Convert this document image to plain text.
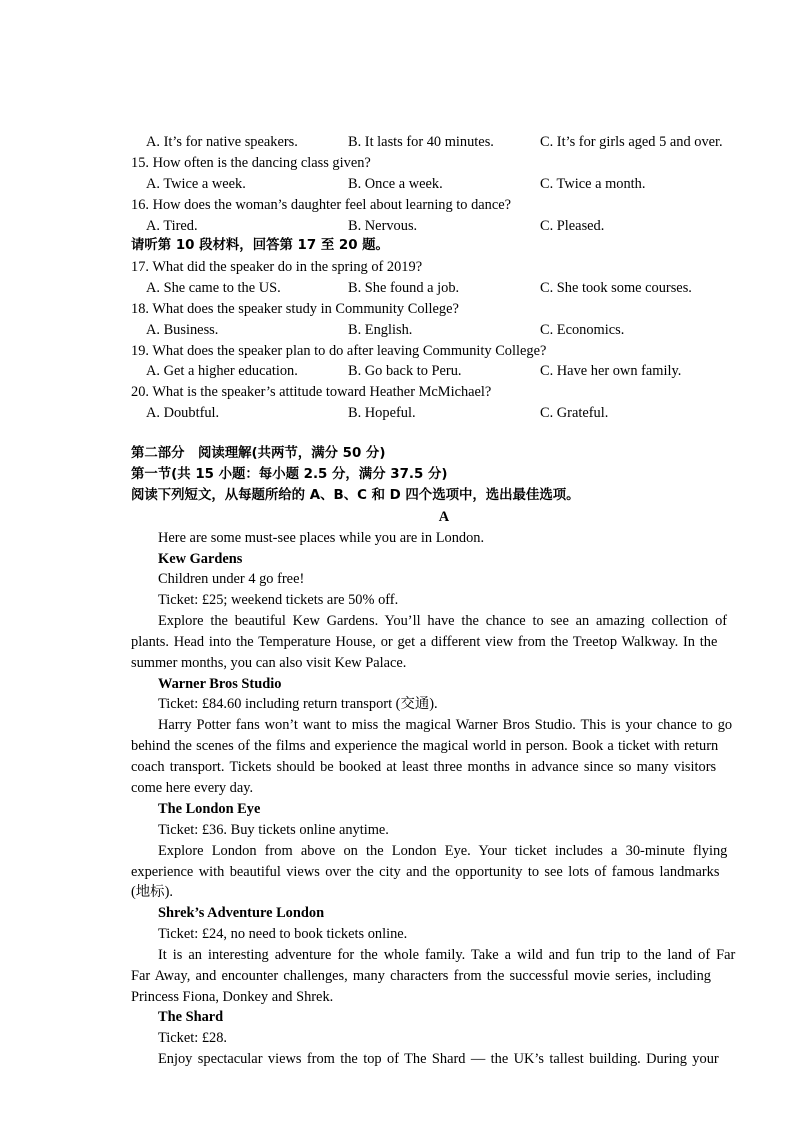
A. It’s for native speakers.	B. It lasts for 40 minutes.	C. It’s for girls aged 5 and over.
15. How often is the dancing class given?
A. Twice a week.	B. Once a week.	C. Twice a month.
16. How does the woman’s daughter feel about learning to dance?
A. Tired.	B. Nervous.	C. Pleased.
请听第 10 段材料，回答第 17 至 20 题。
17. What did the speaker do in the spring of 2019?
A. She came to the US.	B. She found a job.	C. She took some courses.
18. What does the speaker study in Community College?
A. Business.	B. English.	C. Economics.
19. What does the speaker plan to do after leaving Community College?
A. Get a higher education.	B. Go back to Peru.	C. Have her own family.
20. What is the speaker’s attitude toward Heather McMichael?
A. Doubtful.	B. Hopeful.	C. Grateful.
第二部分　阅读理解(共两节，满分 50 分)
第一节(共 15 小题：每小题 2.5 分，满分 37.5 分)
阅读下列短文，从每题所给的 A、B、C 和 D 四个选项中，选出最佳选项。
A
Here are some must-see places while you are in London.
Kew Gardens
Children under 4 go free!
Ticket: £25; weekend tickets are 50% off.
Explore the beautiful Kew Gardens. You’ll have the chance to see an amazing collection of
plants. Head into the Temperature House, or get a different view from the Treetop Walkway. In the
summer months, you can also visit Kew Palace.
Warner Bros Studio
Ticket: £84.60 including return transport (交通).
Harry Potter fans won’t want to miss the magical Warner Bros Studio. This is your chance to go
behind the scenes of the films and experience the magical world in person. Book a ticket with return
coach transport. Tickets should be booked at least three months in advance since so many visitors
come here every day.
The London Eye
Ticket: £36. Buy tickets online anytime.
Explore London from above on the London Eye. Your ticket includes a 30-minute flying
experience with beautiful views over the city and the opportunity to see lots of famous landmarks
(地标).
Shrek’s Adventure London
Ticket: £24, no need to book tickets online.
It is an interesting adventure for the whole family. Take a wild and fun trip to the land of Far
Far Away, and encounter challenges, many characters from the successful movie series, including
Princess Fiona, Donkey and Shrek.
The Shard
Ticket: £28.
Enjoy spectacular views from the top of The Shard — the UK’s tallest building. During your
